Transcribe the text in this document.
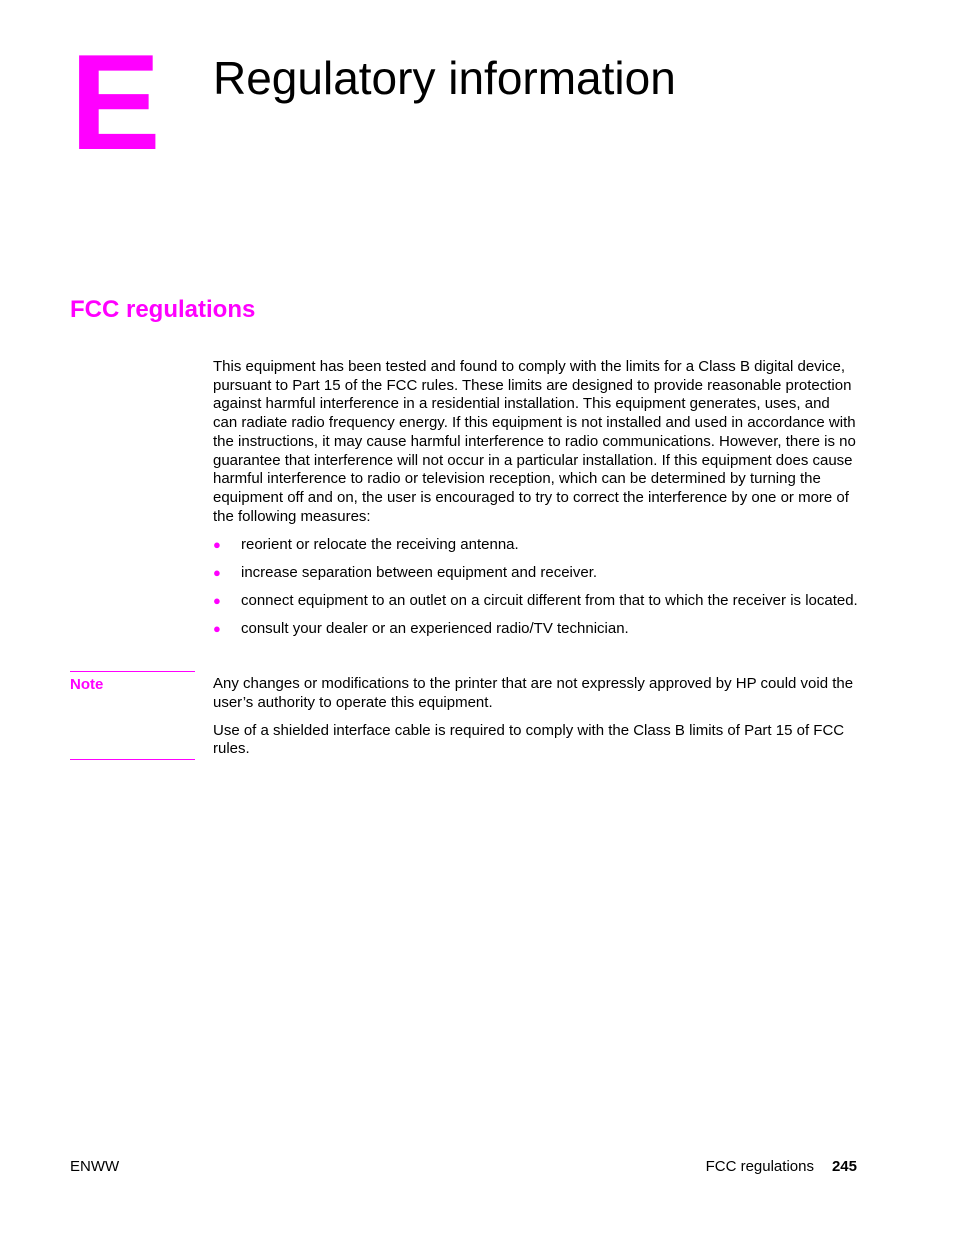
E Regulatory information
FCC regulations

This equipment has been tested and found to comply with the limits for a Class B digital device, pursuant to Part 15 of the FCC rules. These limits are designed to provide reasonable protection against harmful interference in a residential installation. This equipment generates, uses, and can radiate radio frequency energy. If this equipment is not installed and used in accordance with the instructions, it may cause harmful interference to radio communications. However, there is no guarantee that interference will not occur in a particular installation. If this equipment does cause harmful interference to radio or television reception, which can be determined by turning the equipment off and on, the user is encouraged to try to correct the interference by one or more of the following measures:

● reorient or relocate the receiving antenna.
● increase separation between equipment and receiver.
● connect equipment to an outlet on a circuit different from that to which the receiver is located.
● consult your dealer or an experienced radio/TV technician.
Note	Any changes or modifications to the printer that are not expressly approved by HP could void the user’s authority to operate this equipment.

Use of a shielded interface cable is required to comply with the Class B limits of Part 15 of FCC rules.

ENWW	FCC regulations 245
